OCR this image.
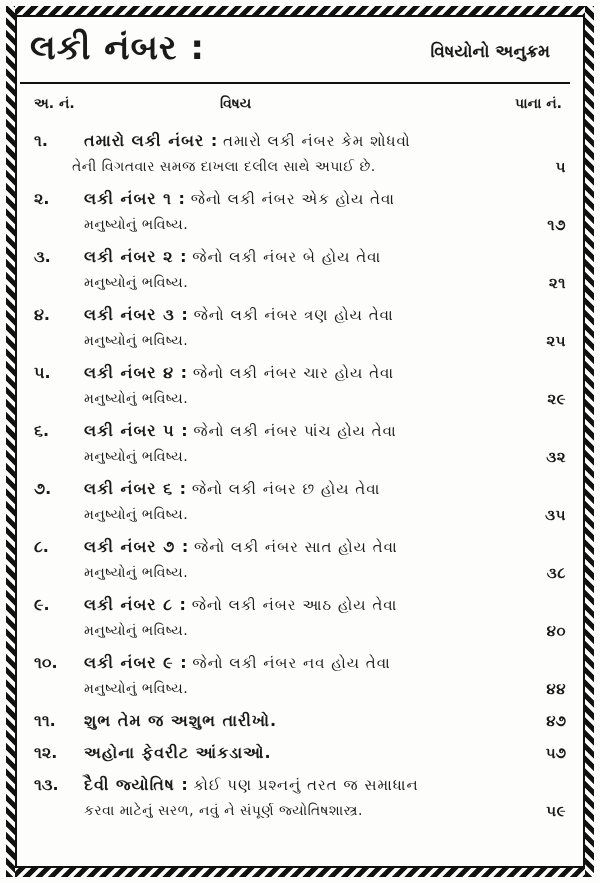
લકી નંબર :	વિષયોનો અનુક્રમ
અ. નં.	વિષય	પાના નં.
૧. તમારો લકી નંબર : તમારો લકી નંબર કેમ શોધવો
તેની વિગતવાર સમજ દાખલા દલીલ સાથે અપાઈ છે.	૫
૨. લકી નંબર ૧ : જેનો લકી નંબર એક હોય તેવા
મનુષ્યોનું ભવિષ્ય.	૧૭
૩. લકી નંબર ૨ : જેનો લકી નંબર બે હોય તેવા
મનુષ્યોનું ભવિષ્ય.	૨૧
૪. લકી નંબર ૩ : જેનો લકી નંબર ત્રણ હોય તેવા
મનુષ્યોનું ભવિષ્ય.	૨૫
૫. લકી નંબર ૪ : જેનો લકી નંબર ચાર હોય તેવા
મનુષ્યોનું ભવિષ્ય.	૨૯
૬. લકી નંબર ૫ : જેનો લકી નંબર પાંચ હોય તેવા
મનુષ્યોનું ભવિષ્ય.	૩૨
૭. લકી નંબર ૬ : જેનો લકી નંબર છ હોય તેવા
મનુષ્યોનું ભવિષ્ય.	૩૫
૮. લકી નંબર ૭ : જેનો લકી નંબર સાત હોય તેવા
મનુષ્યોનું ભવિષ્ય.	૩૮
૯. લકી નંબર ૮ : જેનો લકી નંબર આઠ હોય તેવા
મનુષ્યોનું ભવિષ્ય.	૪૦
૧૦. લકી નંબર ૯ : જેનો લકી નંબર નવ હોય તેવા
મનુષ્યોનું ભવિષ્ય.	૪૪
૧૧. શુભ તેમ જ અશુભ તારીખો.	૪૭
૧૨. અહોના ફેવરીટ આંકડાઓ.	૫૭
૧૩. દૈવી જ્યોતિષ : કોઈ પણ પ્રશ્નનું તરત જ સમાધાન
કરવા માટેનું સરળ, નવું ને સંપૂર્ણ જ્યોતિષશાસ્ત્ર.	૫૯
